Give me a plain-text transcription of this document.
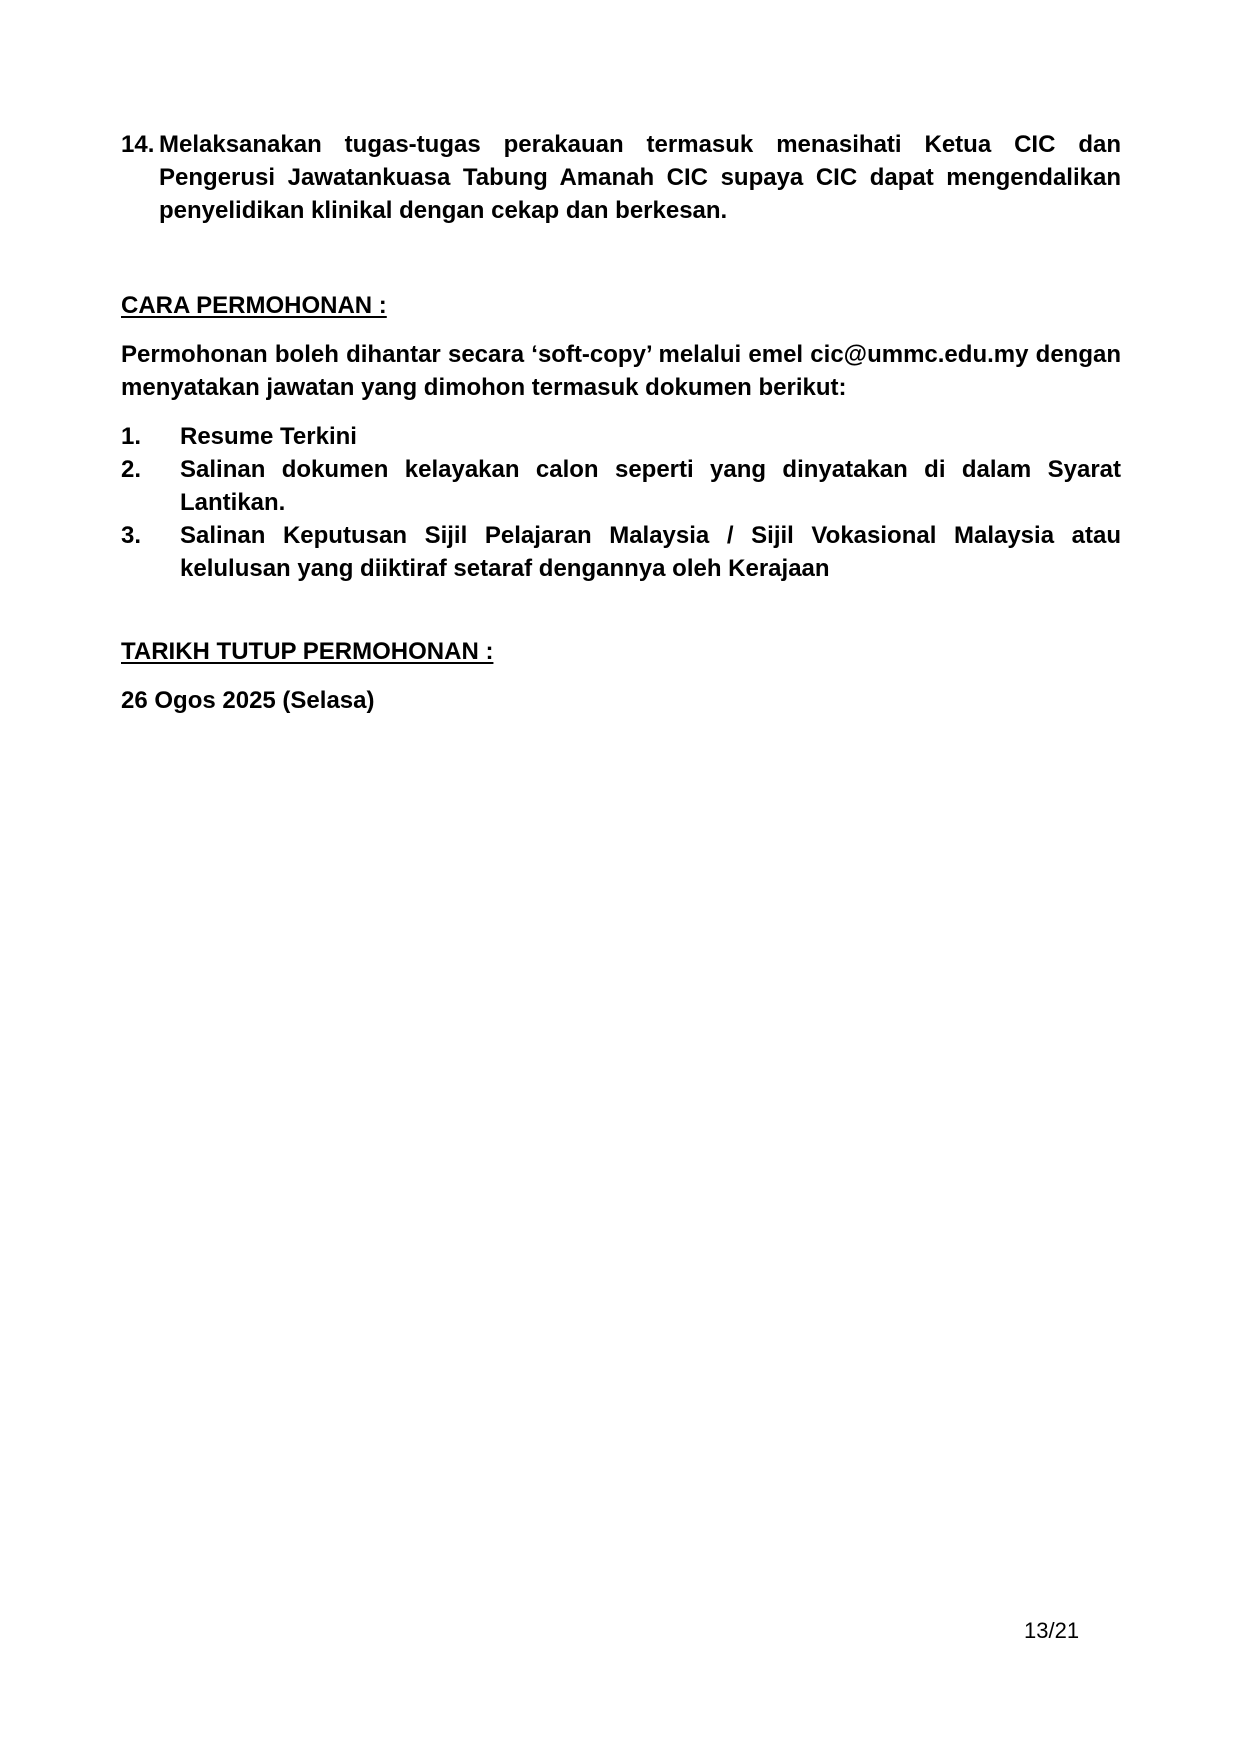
14. Melaksanakan tugas-tugas perakauan termasuk menasihati Ketua CIC dan Pengerusi Jawatankuasa Tabung Amanah CIC supaya CIC dapat mengendalikan penyelidikan klinikal dengan cekap dan berkesan.
CARA PERMOHONAN :
Permohonan boleh dihantar secara ‘soft-copy’ melalui emel cic@ummc.edu.my dengan menyatakan jawatan yang dimohon termasuk dokumen berikut:
1.	Resume Terkini
2.	Salinan dokumen kelayakan calon seperti yang dinyatakan di dalam Syarat Lantikan.
3.	Salinan Keputusan Sijil Pelajaran Malaysia / Sijil Vokasional Malaysia atau kelulusan yang diiktiraf setaraf dengannya oleh Kerajaan
TARIKH TUTUP PERMOHONAN :
26 Ogos 2025 (Selasa)
13/21
